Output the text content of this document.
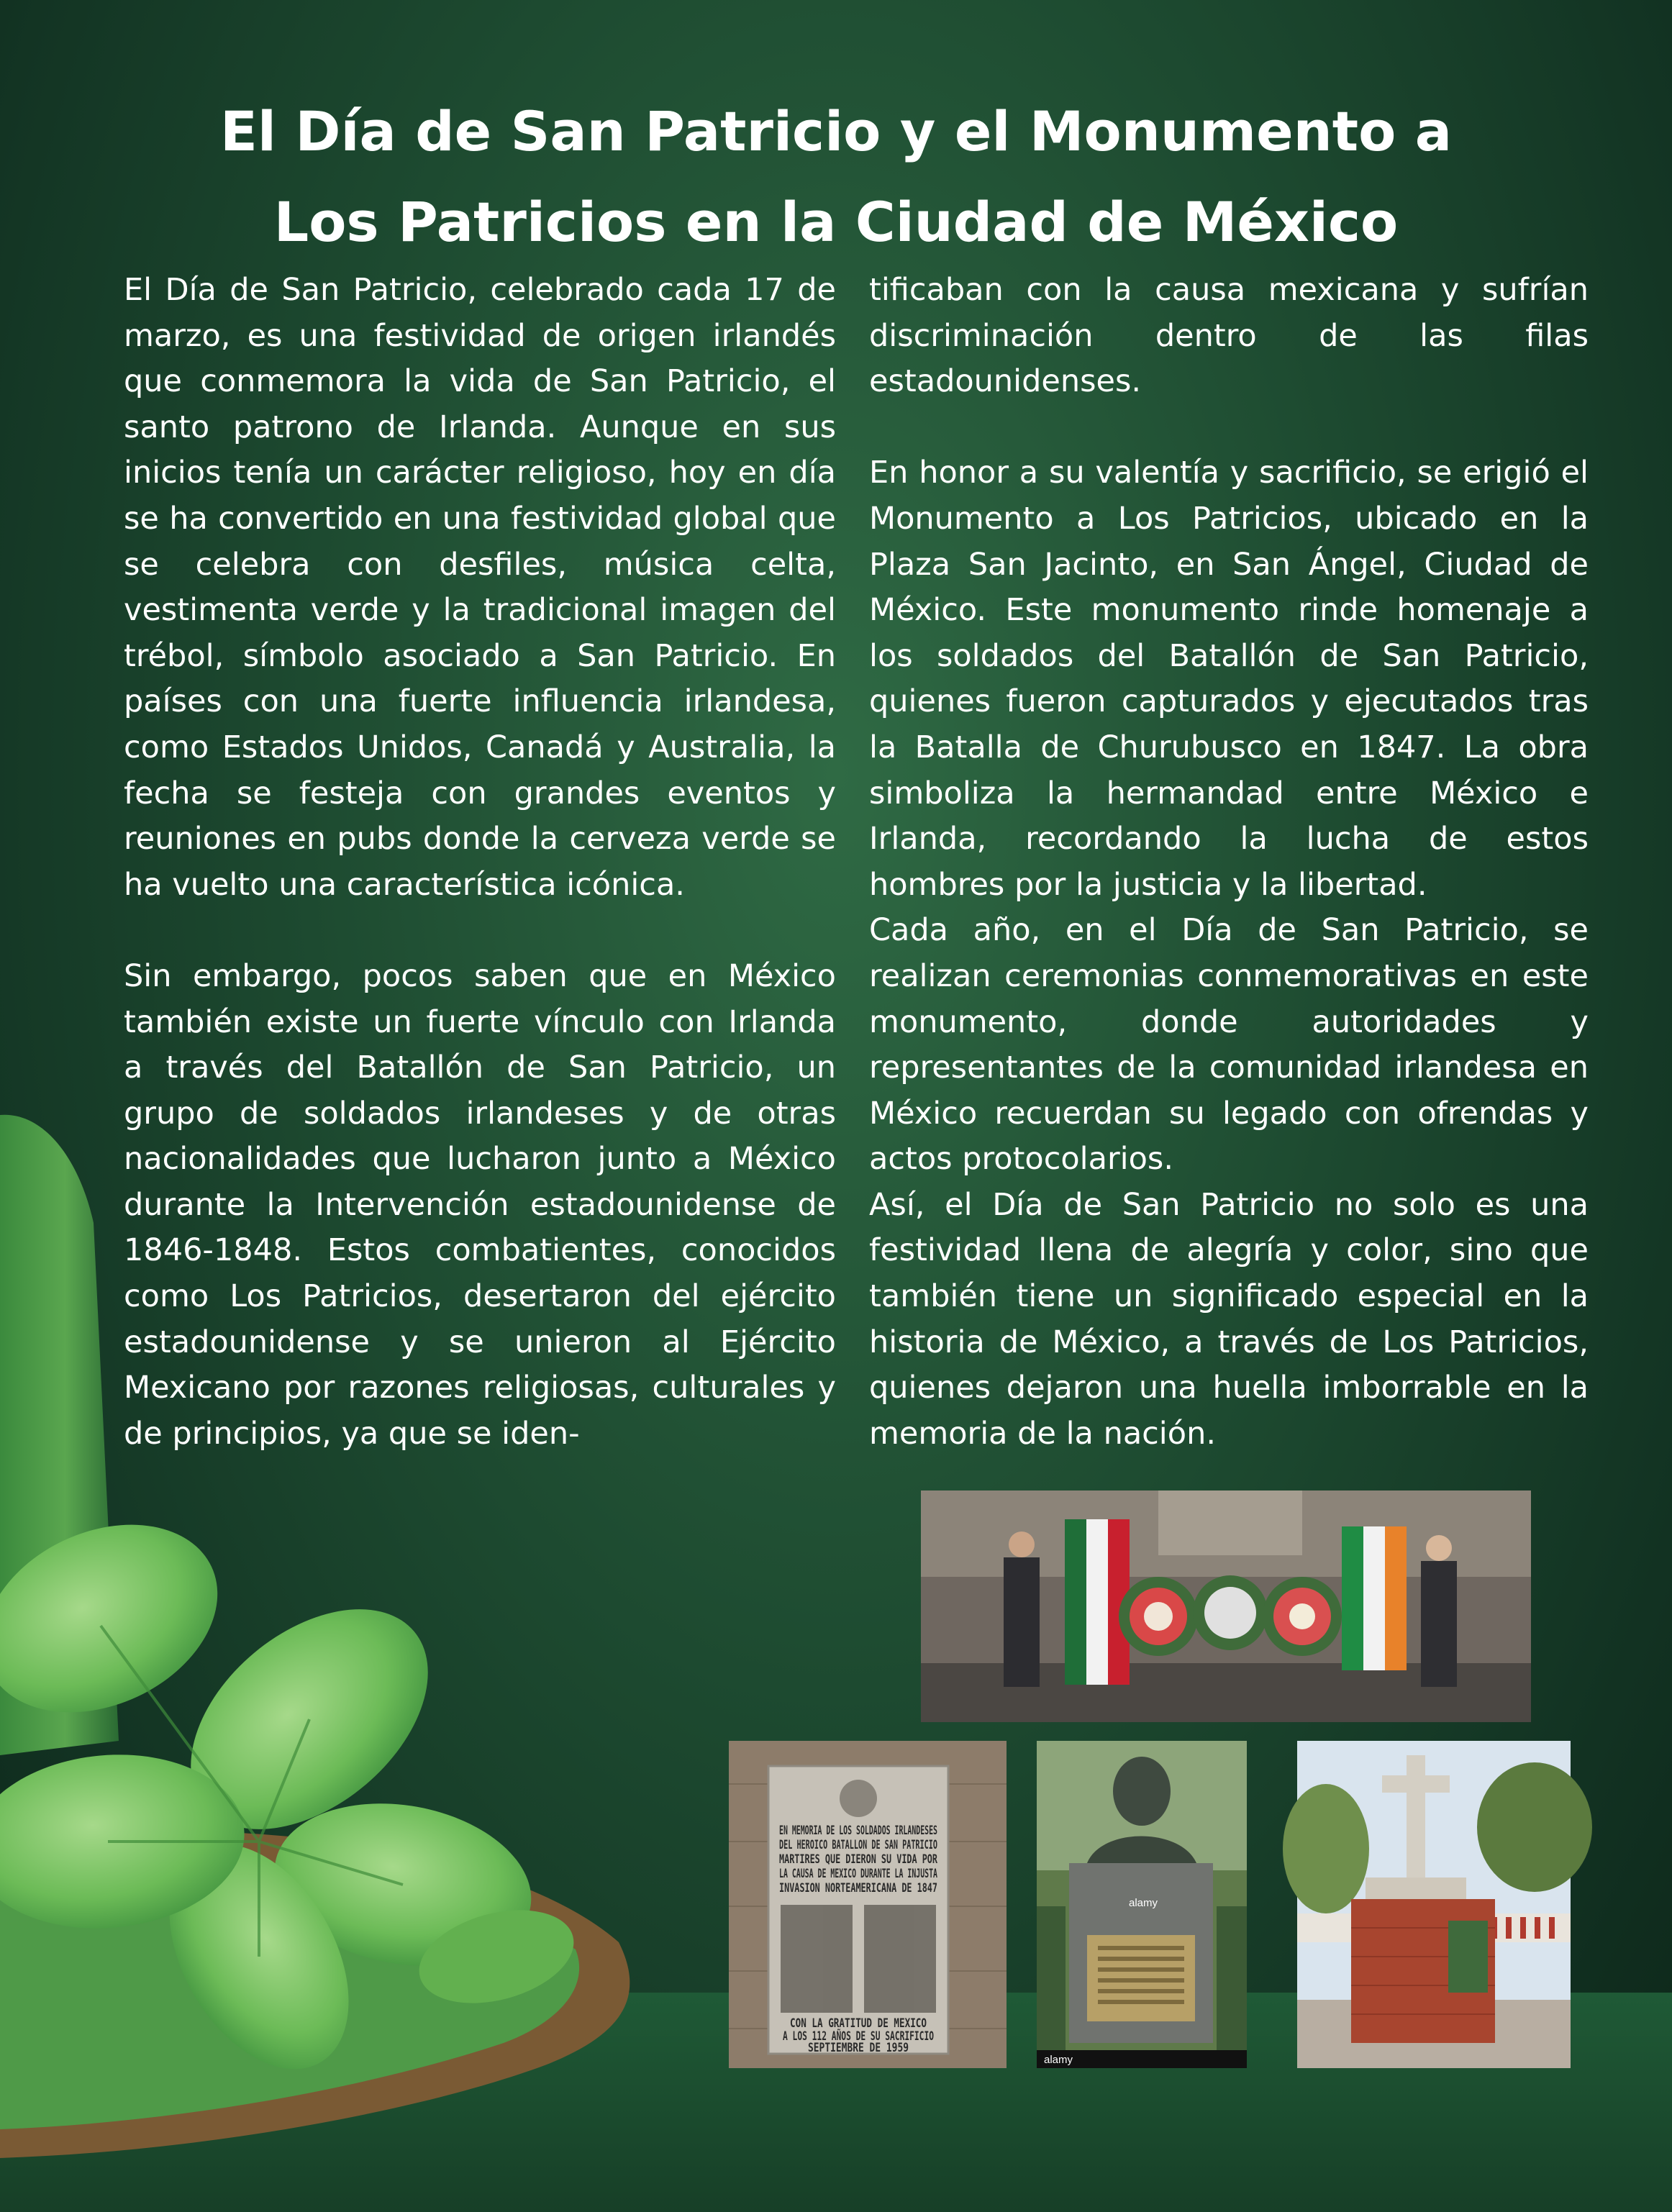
El Día de San Patricio y el Monumento a
Los Patricios en la Ciudad de México

El Día de San Patricio, celebrado cada 17 de marzo, es una festividad de origen irlandés que conmemora la vida de San Patricio, el santo patrono de Irlanda. Aunque en sus inicios tenía un carácter religioso, hoy en día se ha convertido en una festividad global que se celebra con desfiles, música celta, vestimenta verde y la tradicional imagen del trébol, símbolo asociado a San Patricio. En países con una fuerte influencia irlandesa, como Estados Unidos, Canadá y Australia, la fecha se festeja con grandes eventos y reuniones en pubs donde la cerveza verde se ha vuelto una característica icónica.

Sin embargo, pocos saben que en México también existe un fuerte vínculo con Irlanda a través del Batallón de San Patricio, un grupo de soldados irlandeses y de otras nacionalidades que lucharon junto a México durante la Intervención estadounidense de 1846-1848. Estos combatientes, conocidos como Los Patricios, desertaron del ejército estadounidense y se unieron al Ejército Mexicano por razones religiosas, culturales y de principios, ya que se iden-

tificaban con la causa mexicana y sufrían discriminación dentro de las filas estadounidenses.

En honor a su valentía y sacrificio, se erigió el Monumento a Los Patricios, ubicado en la Plaza San Jacinto, en San Ángel, Ciudad de México. Este monumento rinde homenaje a los soldados del Batallón de San Patricio, quienes fueron capturados y ejecutados tras la Batalla de Churubusco en 1847. La obra simboliza la hermandad entre México e Irlanda, recordando la lucha de estos hombres por la justicia y la libertad.

Cada año, en el Día de San Patricio, se realizan ceremonias conmemorativas en este monumento, donde autoridades y representantes de la comunidad irlandesa en México recuerdan su legado con ofrendas y actos protocolarios.

Así, el Día de San Patricio no solo es una festividad llena de alegría y color, sino que también tiene un significado especial en la historia de México, a través de Los Patricios, quienes dejaron una huella imborrable en la memoria de la nación.

EN MEMORIA DE LOS SOLDADOS IRLANDESES
DEL HEROICO BATALLON DE SAN PATRICIO
MARTIRES QUE DIERON SU VIDA POR
LA CAUSA DE MEXICO DURANTE LA INJUSTA
INVASION NORTEAMERICANA DE 1847
CON LA GRATITUD DE MEXICO
A LOS 112 AÑOS DE SU SACRIFICIO
SEPTIEMBRE DE 1959
alamy
alamy
